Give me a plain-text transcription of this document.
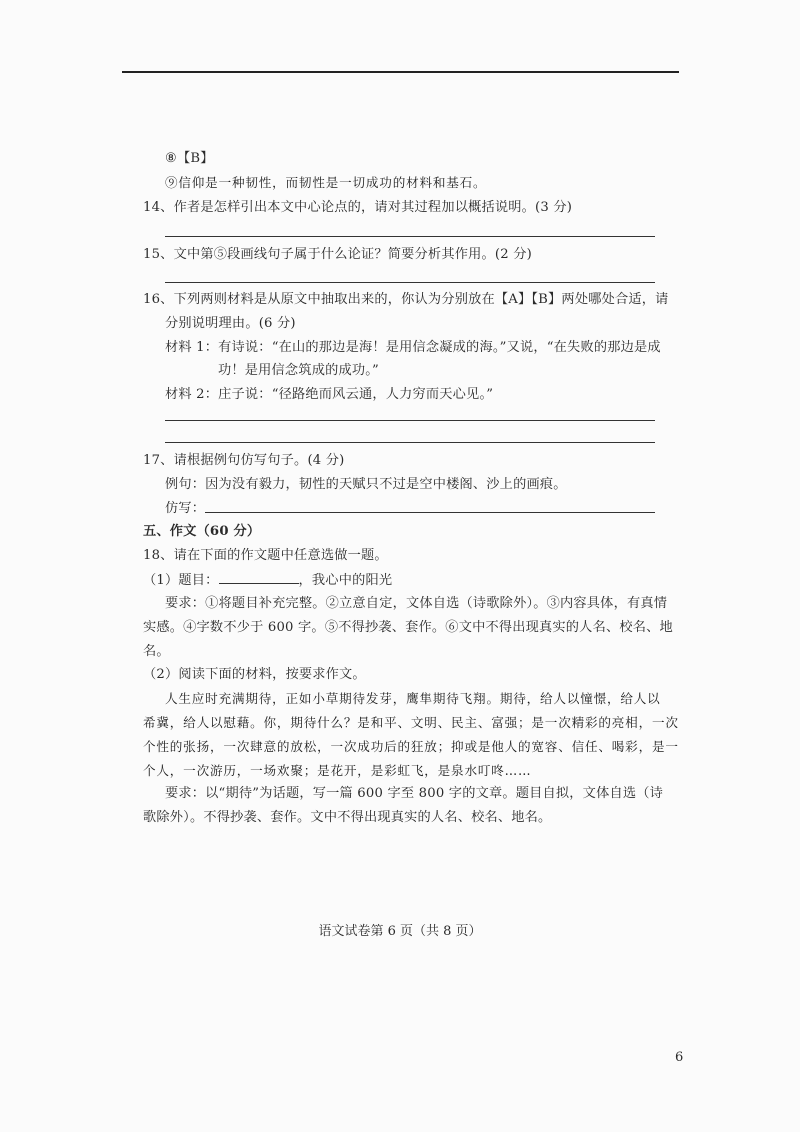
⑧【B】
⑨信仰是一种韧性，而韧性是一切成功的材料和基石。
14、作者是怎样引出本文中心论点的，请对其过程加以概括说明。(3 分)
15、文中第⑤段画线句子属于什么论证？简要分析其作用。(2 分)
16、下列两则材料是从原文中抽取出来的，你认为分别放在【A】【B】两处哪处合适，请
分别说明理由。(6 分)
材料 1：有诗说：“在山的那边是海！是用信念凝成的海。”又说，“在失败的那边是成
功！是用信念筑成的成功。”
材料 2：庄子说：“径路绝而风云通，人力穷而天心见。”
17、请根据例句仿写句子。(4 分)
例句：因为没有毅力，韧性的天赋只不过是空中楼阁、沙上的画痕。
仿写：
五、作文（60 分）
18、请在下面的作文题中任意选做一题。
（1）题目：	，我心中的阳光
要求：①将题目补充完整。②立意自定，文体自选（诗歌除外）。③内容具体，有真情
实感。④字数不少于 600 字。⑤不得抄袭、套作。⑥文中不得出现真实的人名、校名、地
名。
（2）阅读下面的材料，按要求作文。
人生应时充满期待，正如小草期待发芽，鹰隼期待飞翔。期待，给人以憧憬，给人以
希冀，给人以慰藉。你，期待什么？是和平、文明、民主、富强；是一次精彩的亮相，一次
个性的张扬，一次肆意的放松，一次成功后的狂放；抑或是他人的宽容、信任、喝彩，是一
个人，一次游历，一场欢聚；是花开，是彩虹飞，是泉水叮咚……
要求：以“期待”为话题，写一篇 600 字至 800 字的文章。题目自拟，文体自选（诗
歌除外）。不得抄袭、套作。文中不得出现真实的人名、校名、地名。
语文试卷第 6 页（共 8 页）
6
